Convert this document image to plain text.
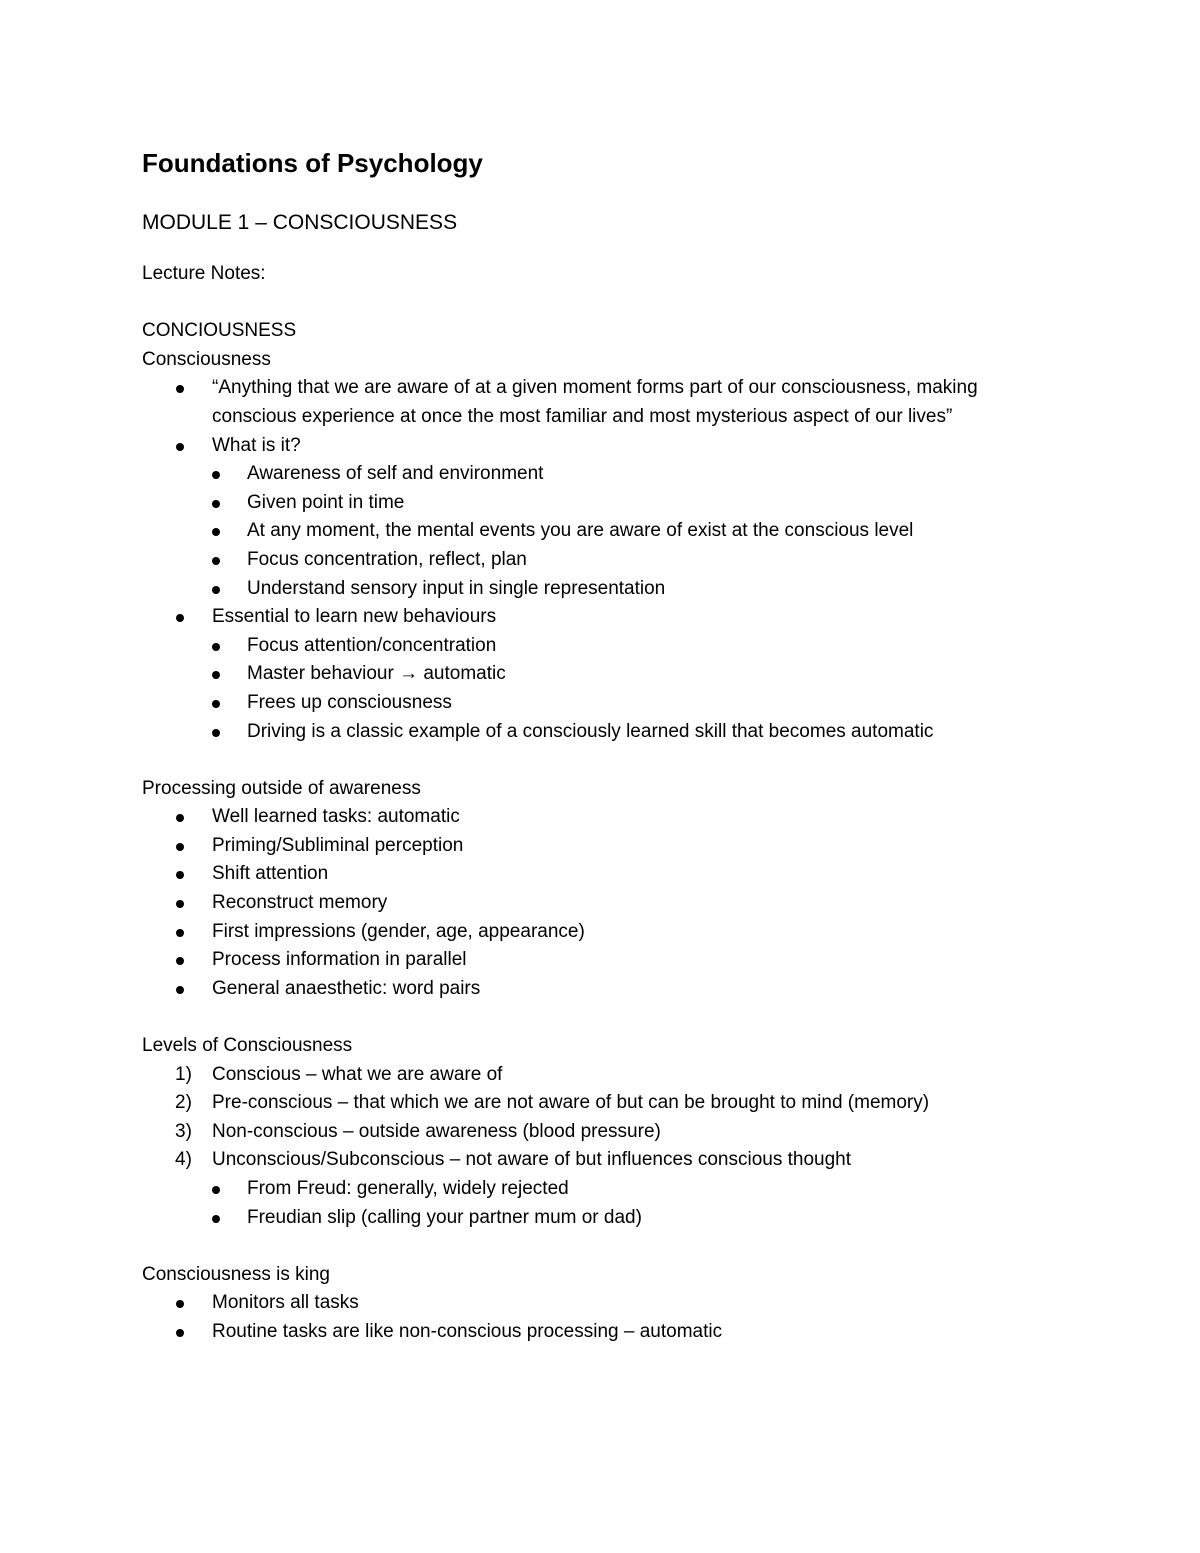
Foundations of Psychology
MODULE 1 – CONSCIOUSNESS
Lecture Notes:
CONCIOUSNESS
Consciousness
“Anything that we are aware of at a given moment forms part of our consciousness, making conscious experience at once the most familiar and most mysterious aspect of our lives”
What is it?
Awareness of self and environment
Given point in time
At any moment, the mental events you are aware of exist at the conscious level
Focus concentration, reflect, plan
Understand sensory input in single representation
Essential to learn new behaviours
Focus attention/concentration
Master behaviour → automatic
Frees up consciousness
Driving is a classic example of a consciously learned skill that becomes automatic
Processing outside of awareness
Well learned tasks: automatic
Priming/Subliminal perception
Shift attention
Reconstruct memory
First impressions (gender, age, appearance)
Process information in parallel
General anaesthetic: word pairs
Levels of Consciousness
1) Conscious – what we are aware of
2) Pre-conscious – that which we are not aware of but can be brought to mind (memory)
3) Non-conscious – outside awareness (blood pressure)
4) Unconscious/Subconscious – not aware of but influences conscious thought
From Freud: generally, widely rejected
Freudian slip (calling your partner mum or dad)
Consciousness is king
Monitors all tasks
Routine tasks are like non-conscious processing – automatic
